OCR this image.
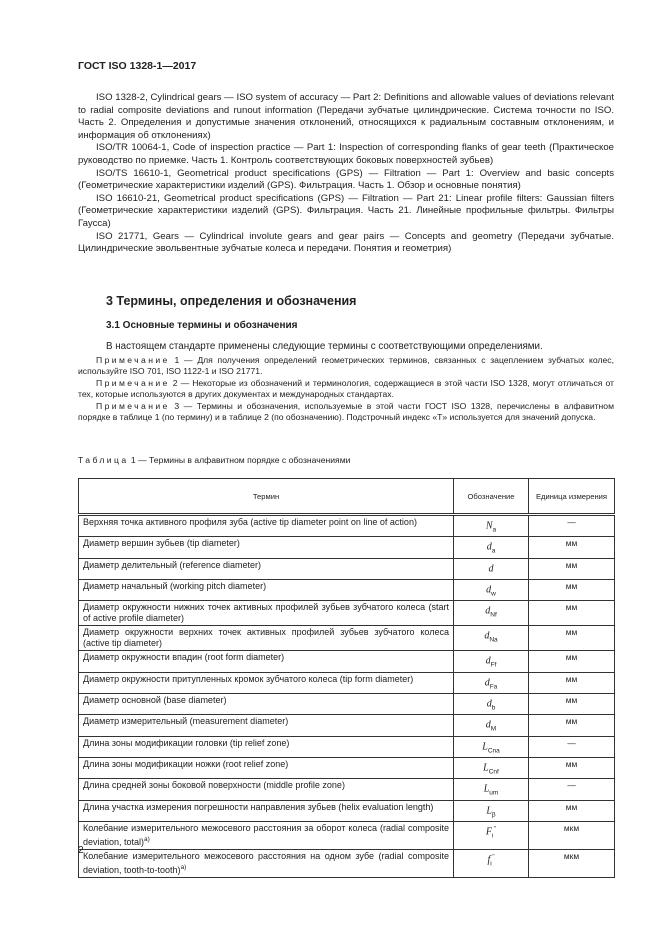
ГОСТ ISO 1328-1—2017

ISO 1328-2, Cylindrical gears — ISO system of accuracy — Part 2: Definitions and allowable values of deviations relevant to radial composite deviations and runout information (Передачи зубчатые цилиндрические. Система точности по ISO. Часть 2. Определения и допустимые значения отклонений, относящихся к радиальным составным отклонениям, и информация об отклонениях)

ISO/TR 10064-1, Code of inspection practice — Part 1: Inspection of corresponding flanks of gear teeth (Практическое руководство по приемке. Часть 1. Контроль соответствующих боковых поверхностей зубьев)

ISO/TS 16610-1, Geometrical product specifications (GPS) — Filtration — Part 1: Overview and basic concepts (Геометрические характеристики изделий (GPS). Фильтрация. Часть 1. Обзор и основные понятия)

ISO 16610-21, Geometrical product specifications (GPS) — Filtration — Part 21: Linear profile filters: Gaussian filters (Геометрические характеристики изделий (GPS). Фильтрация. Часть 21. Линейные профильные фильтры. Фильтры Гаусса)

ISO 21771, Gears — Cylindrical involute gears and gear pairs — Concepts and geometry (Передачи зубчатые. Цилиндрические эвольвентные зубчатые колеса и передачи. Понятия и геометрия)

3 Термины, определения и обозначения
3.1 Основные термины и обозначения
В настоящем стандарте применены следующие термины с соответствующими определениями.

Примечание 1 — Для получения определений геометрических терминов, связанных с зацеплением зубчатых колес, используйте ISO 701, ISO 1122-1 и ISO 21771.

Примечание 2 — Некоторые из обозначений и терминология, содержащиеся в этой части ISO 1328, могут отличаться от тех, которые используются в других документах и международных стандартах.

Примечание 3 — Термины и обозначения, используемые в этой части ГОСТ ISO 1328, перечислены в алфавитном порядке в таблице 1 (по термину) и в таблице 2 (по обозначению). Подстрочный индекс «T» используется для значений допуска.

Таблица 1 — Термины в алфавитном порядке с обозначениями
Термин	Обозначение	Единица измерения
Верхняя точка активного профиля зуба (active tip diameter point on line of action)	$N_a$	—
Диаметр вершин зубьев (tip diameter)	$d_a$	мм
Диаметр делительный (reference diameter)	d	мм
Диаметр начальный (working pitch diameter)	$d_w$	мм
Диаметр окружности нижних точек активных профилей зубьев зубчатого колеса (start of active profile diameter)	$d_{Nf}$	мм
Диаметр окружности верхних точек активных профилей зубьев зубчатого колеса (active tip diameter)	$d_{Na}$	мм
Диаметр окружности впадин (root form diameter)	$d_{Ff}$	мм
Диаметр окружности притупленных кромок зубчатого колеса (tip form diameter)	$d_{Fa}$	мм
Диаметр основной (base diameter)	$d_b$	мм
Диаметр измерительный (measurement diameter)	$d_M$	мм
Длина зоны модификации головки (tip relief zone)	$L_{Cna}$	—
Длина зоны модификации ножки (root relief zone)	$L_{Cnf}$	мм
Длина средней зоны боковой поверхности (middle profile zone)	$L_{um}$	—
Длина участка измерения погрешности направления зубьев (helix evaluation length)	$L_\beta$	мм
Колебание измерительного межосевого расстояния за оборот колеса (radial composite deviation, total)$^{a)}$	$F_i^"$	мкм
Колебание измерительного межосевого расстояния на одном зубе (radial composite deviation, tooth-to-tooth)$^{a)}$	$f_i^"$	мкм
2
